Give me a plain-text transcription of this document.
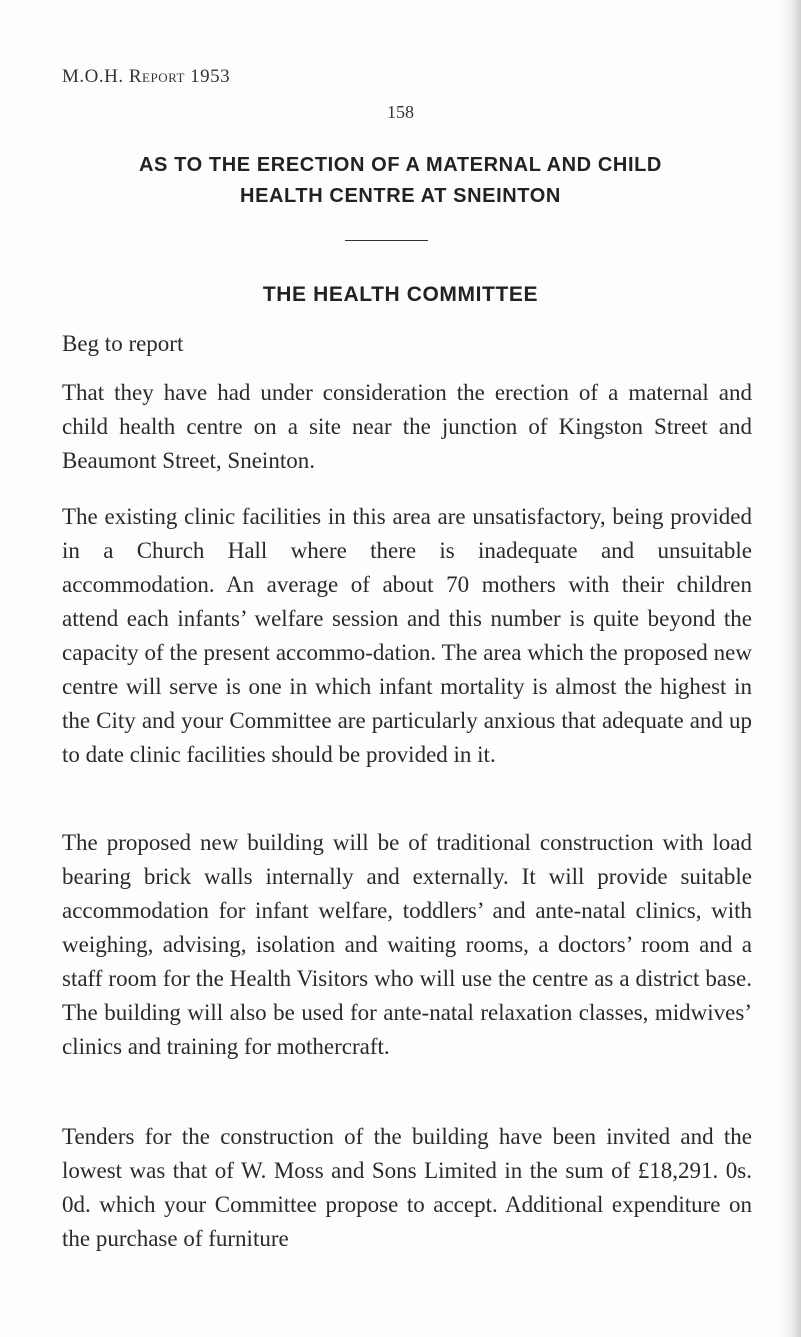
M.O.H. Report 1953
158
AS TO THE ERECTION OF A MATERNAL AND CHILD
HEALTH CENTRE AT SNEINTON
THE HEALTH COMMITTEE
Beg to report

That they have had under consideration the erection of a maternal and child health centre on a site near the junction of Kingston Street and Beaumont Street, Sneinton.

The existing clinic facilities in this area are unsatisfactory, being provided in a Church Hall where there is inadequate and unsuitable accommodation. An average of about 70 mothers with their children attend each infants’ welfare session and this number is quite beyond the capacity of the present accommo-dation. The area which the proposed new centre will serve is one in which infant mortality is almost the highest in the City and your Committee are particularly anxious that adequate and up to date clinic facilities should be provided in it.

The proposed new building will be of traditional construction with load bearing brick walls internally and externally. It will provide suitable accommodation for infant welfare, toddlers’ and ante-natal clinics, with weighing, advising, isolation and waiting rooms, a doctors’ room and a staff room for the Health Visitors who will use the centre as a district base. The building will also be used for ante-natal relaxation classes, midwives’ clinics and training for mothercraft.

Tenders for the construction of the building have been invited and the lowest was that of W. Moss and Sons Limited in the sum of £18,291. 0s. 0d. which your Committee propose to accept. Additional expenditure on the purchase of furniture
